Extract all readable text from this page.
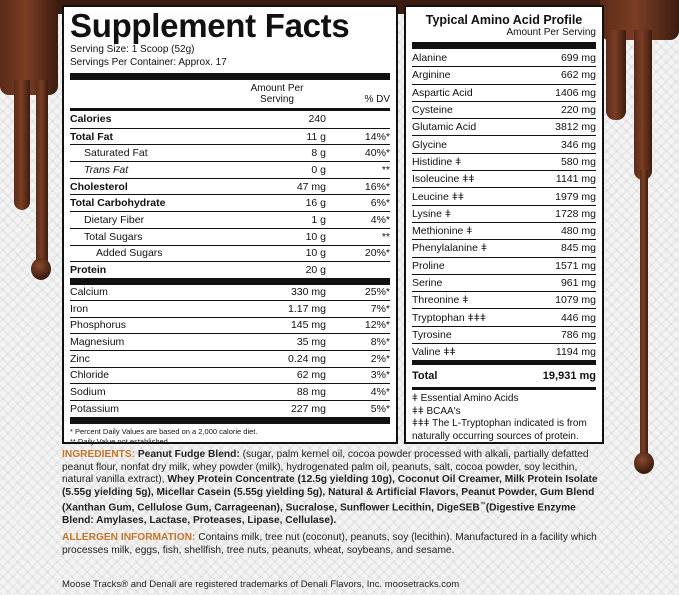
Supplement Facts
Serving Size: 1 Scoop (52g)
Servings Per Container: Approx. 17
Amount Per Serving	% DV
Calories	240
Total Fat	11 g	14%*
Saturated Fat	8 g	40%*
Trans Fat	0 g	**
Cholesterol	47 mg	16%*
Total Carbohydrate	16 g	6%*
Dietary Fiber	1 g	4%*
Total Sugars	10 g	**
Added Sugars	10 g	20%*
Protein	20 g
Calcium	330 mg	25%*
Iron	1.17 mg	7%*
Phosphorus	145 mg	12%*
Magnesium	35 mg	8%*
Zinc	0.24 mg	2%*
Chloride	62 mg	3%*
Sodium	88 mg	4%*
Potassium	227 mg	5%*
* Percent Daily Values are based on a 2,000 calorie diet.
** Daily Value not established.
Typical Amino Acid Profile
Amount Per Serving
Alanine	699 mg
Arginine	662 mg
Aspartic Acid	1406 mg
Cysteine	220 mg
Glutamic Acid	3812 mg
Glycine	346 mg
Histidine ǂ	580 mg
Isoleucine ǂǂ	1141 mg
Leucine ǂǂ	1979 mg
Lysine ǂ	1728 mg
Methionine ǂ	480 mg
Phenylalanine ǂ	845 mg
Proline	1571 mg
Serine	961 mg
Threonine ǂ	1079 mg
Tryptophan ǂǂǂ	446 mg
Tyrosine	786 mg
Valine ǂǂ	1194 mg
Total	19,931 mg
ǂ Essential Amino Acids
ǂǂ BCAA's
ǂǂǂ The L-Tryptophan indicated is from naturally occurring sources of protein.
INGREDIENTS: Peanut Fudge Blend: (sugar, palm kernel oil, cocoa powder processed with alkali, partially defatted peanut flour, nonfat dry milk, whey powder (milk), hydrogenated palm oil, peanuts, salt, cocoa powder, soy lecithin, natural vanilla extract), Whey Protein Concentrate (12.5g yielding 10g), Coconut Oil Creamer, Milk Protein Isolate (5.55g yielding 5g), Micellar Casein (5.55g yielding 5g), Natural & Artificial Flavors, Peanut Powder, Gum Blend (Xanthan Gum, Cellulose Gum, Carrageenan), Sucralose, Sunflower Lecithin, DigeSEB™(Digestive Enzyme Blend: Amylases, Lactase, Proteases, Lipase, Cellulase).
ALLERGEN INFORMATION: Contains milk, tree nut (coconut), peanuts, soy (lecithin). Manufactured in a facility which processes milk, eggs, fish, shellfish, tree nuts, peanuts, wheat, soybeans, and sesame.
Moose Tracks® and Denali are registered trademarks of Denali Flavors, Inc. moosetracks.com
